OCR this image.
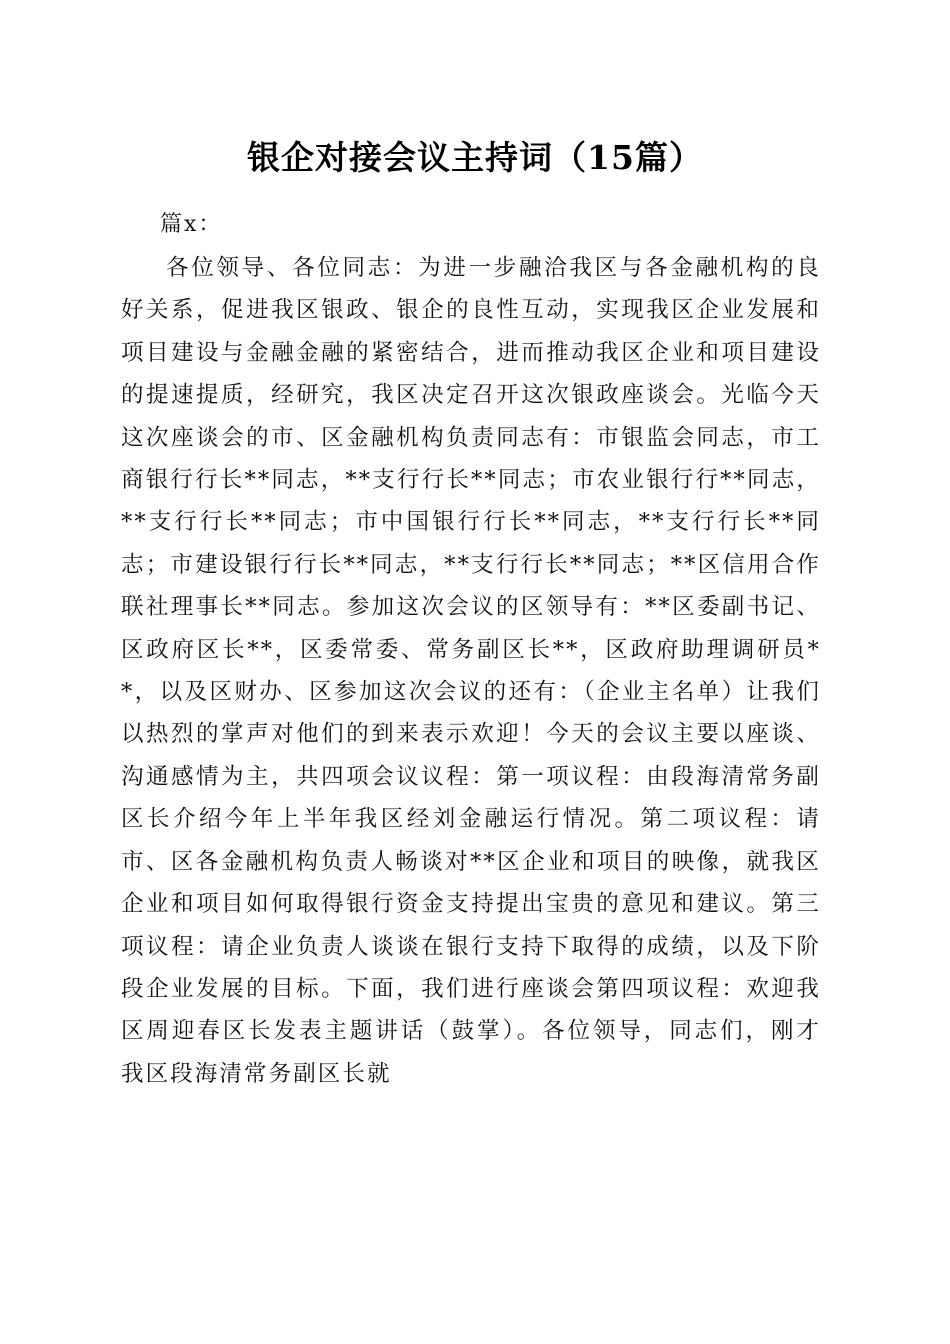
银企对接会议主持词（15篇）
篇x：

各位领导、各位同志：为进一步融洽我区与各金融机构的良好关系，促进我区银政、银企的良性互动，实现我区企业发展和项目建设与金融金融的紧密结合，进而推动我区企业和项目建设的提速提质，经研究，我区决定召开这次银政座谈会。光临今天这次座谈会的市、区金融机构负责同志有：市银监会同志，市工商银行行长**同志，**支行行长**同志；市农业银行行**同志，**支行行长**同志；市中国银行行长**同志，**支行行长**同志；市建设银行行长**同志，**支行行长**同志；**区信用合作联社理事长**同志。参加这次会议的区领导有：**区委副书记、区政府区长**，区委常委、常务副区长**，区政府助理调研员**，以及区财办、区参加这次会议的还有：（企业主名单）让我们以热烈的掌声对他们的到来表示欢迎！今天的会议主要以座谈、沟通感情为主，共四项会议议程：第一项议程：由段海清常务副区长介绍今年上半年我区经刘金融运行情况。第二项议程：请市、区各金融机构负责人畅谈对**区企业和项目的映像，就我区企业和项目如何取得银行资金支持提出宝贵的意见和建议。第三项议程：请企业负责人谈谈在银行支持下取得的成绩，以及下阶段企业发展的目标。下面，我们进行座谈会第四项议程：欢迎我区周迎春区长发表主题讲话（鼓掌）。各位领导，同志们，刚才我区段海清常务副区长就
